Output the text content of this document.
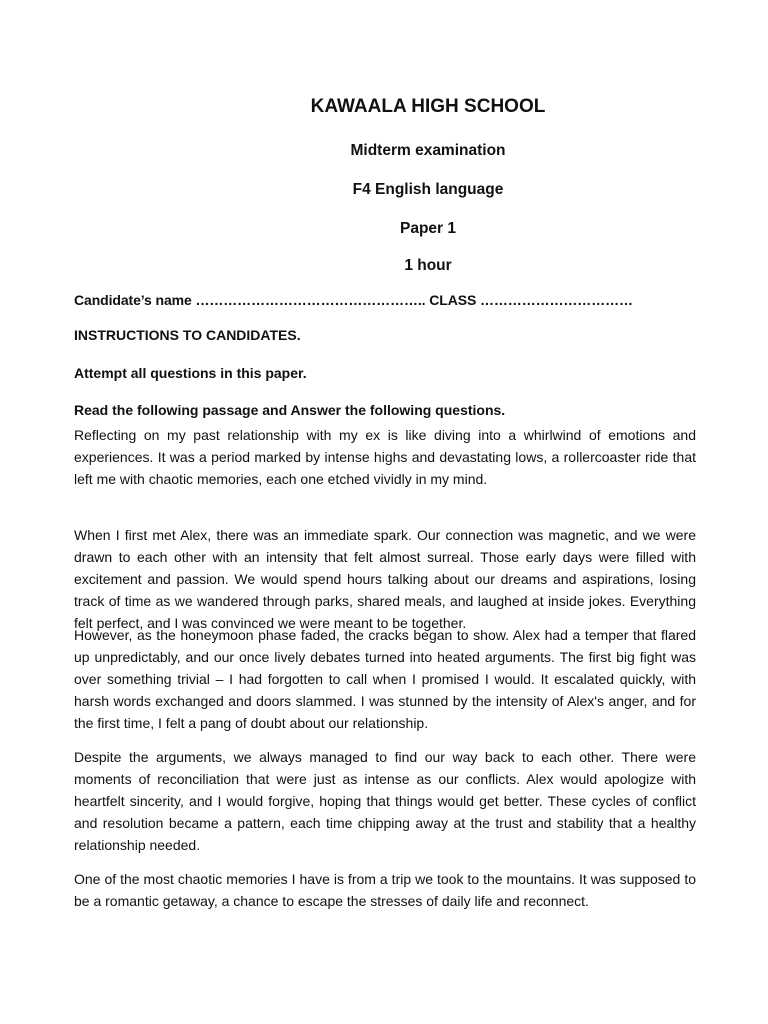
KAWAALA HIGH SCHOOL
Midterm examination
F4 English language
Paper 1
1 hour
Candidate’s name ………………………………………….. CLASS ……………………………
INSTRUCTIONS TO CANDIDATES.
Attempt all questions in this paper.
Read the following passage and Answer the following questions.

Reflecting on my past relationship with my ex is like diving into a whirlwind of emotions and experiences. It was a period marked by intense highs and devastating lows, a rollercoaster ride that left me with chaotic memories, each one etched vividly in my mind.

When I first met Alex, there was an immediate spark. Our connection was magnetic, and we were drawn to each other with an intensity that felt almost surreal. Those early days were filled with excitement and passion. We would spend hours talking about our dreams and aspirations, losing track of time as we wandered through parks, shared meals, and laughed at inside jokes. Everything felt perfect, and I was convinced we were meant to be together.

However, as the honeymoon phase faded, the cracks began to show. Alex had a temper that flared up unpredictably, and our once lively debates turned into heated arguments. The first big fight was over something trivial – I had forgotten to call when I promised I would. It escalated quickly, with harsh words exchanged and doors slammed. I was stunned by the intensity of Alex's anger, and for the first time, I felt a pang of doubt about our relationship.

Despite the arguments, we always managed to find our way back to each other. There were moments of reconciliation that were just as intense as our conflicts. Alex would apologize with heartfelt sincerity, and I would forgive, hoping that things would get better. These cycles of conflict and resolution became a pattern, each time chipping away at the trust and stability that a healthy relationship needed.

One of the most chaotic memories I have is from a trip we took to the mountains. It was supposed to be a romantic getaway, a chance to escape the stresses of daily life and reconnect.
